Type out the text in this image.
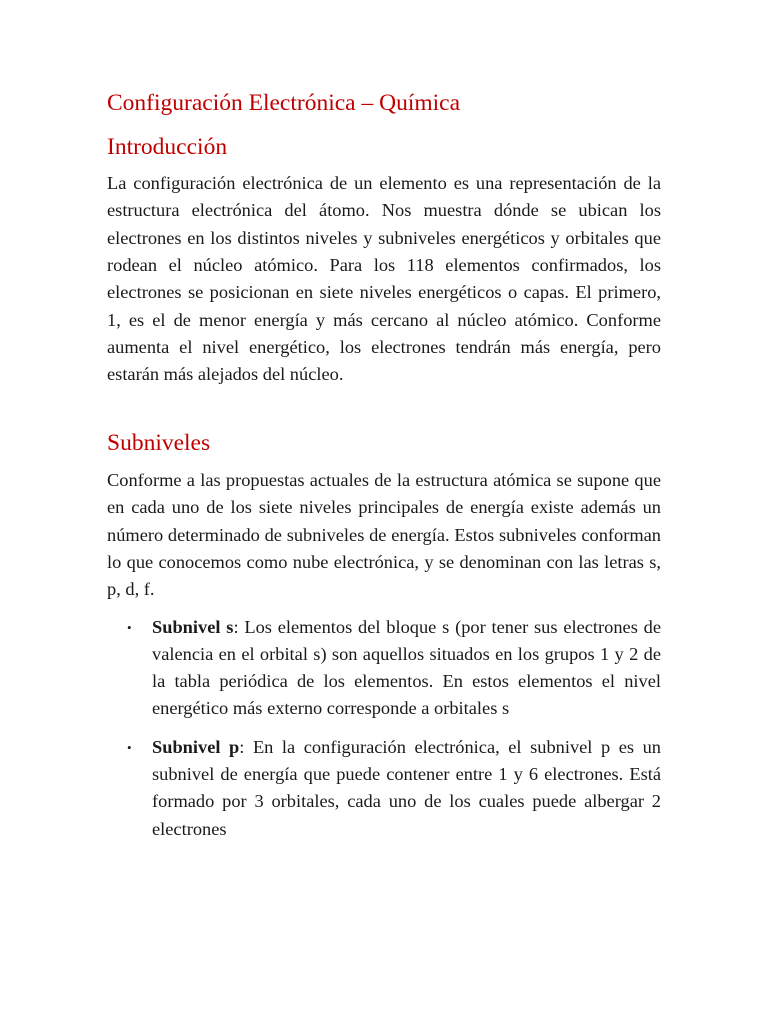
Configuración Electrónica – Química
Introducción

La configuración electrónica de un elemento es una representación de la estructura electrónica del átomo. Nos muestra dónde se ubican los electrones en los distintos niveles y subniveles energéticos y orbitales que rodean el núcleo atómico. Para los 118 elementos confirmados, los electrones se posicionan en siete niveles energéticos o capas. El primero, 1, es el de menor energía y más cercano al núcleo atómico. Conforme aumenta el nivel energético, los electrones tendrán más energía, pero estarán más alejados del núcleo.

Subniveles

Conforme a las propuestas actuales de la estructura atómica se supone que en cada uno de los siete niveles principales de energía existe además un número determinado de subniveles de energía. Estos subniveles conforman lo que conocemos como nube electrónica, y se denominan con las letras s, p, d, f.

• Subnivel s: Los elementos del bloque s (por tener sus electrones de valencia en el orbital s) son aquellos situados en los grupos 1 y 2 de la tabla periódica de los elementos. En estos elementos el nivel energético más externo corresponde a orbitales s
• Subnivel p: En la configuración electrónica, el subnivel p es un subnivel de energía que puede contener entre 1 y 6 electrones. Está formado por 3 orbitales, cada uno de los cuales puede albergar 2 electrones
